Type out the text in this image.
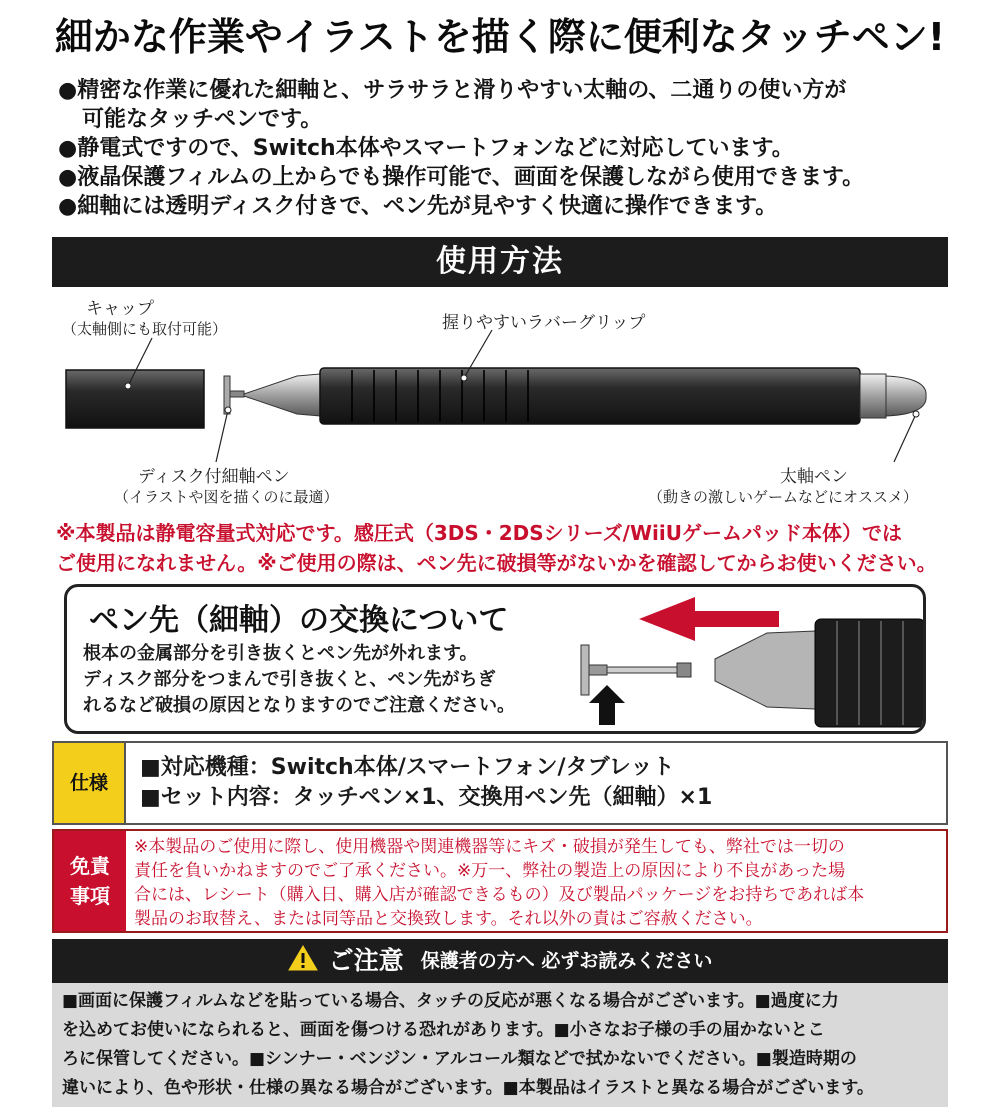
細かな作業やイラストを描く際に便利なタッチペン!
●精密な作業に優れた細軸と、サラサラと滑りやすい太軸の、二通りの使い方が
可能なタッチペンです。
●静電式ですので、Switch本体やスマートフォンなどに対応しています。
●液晶保護フィルムの上からでも操作可能で、画面を保護しながら使用できます。
●細軸には透明ディスク付きで、ペン先が見やすく快適に操作できます。
使用方法
キャップ
（太軸側にも取付可能）	握りやすいラバーグリップ
ディスク付細軸ペン
（イラストや図を描くのに最適）
太軸ペン
（動きの激しいゲームなどにオススメ）
※本製品は静電容量式対応です。感圧式（3DS・2DSシリーズ/WiiUゲームパッド本体）では
ご使用になれません。※ご使用の際は、ペン先に破損等がないかを確認してからお使いください。
ペン先（細軸）の交換について
根本の金属部分を引き抜くとペン先が外れます。
ディスク部分をつまんで引き抜くと、ペン先がちぎ
れるなど破損の原因となりますのでご注意ください。
仕様
■対応機種：Switch本体/スマートフォン/タブレット
■セット内容：タッチペン×1、交換用ペン先（細軸）×1
免責
事項
※本製品のご使用に際し、使用機器や関連機器等にキズ・破損が発生しても、弊社では一切の
責任を負いかねますのでご了承ください。※万一、弊社の製造上の原因により不良があった場
合には、レシート（購入日、購入店が確認できるもの）及び製品パッケージをお持ちであれば本
製品のお取替え、または同等品と交換致します。それ以外の責はご容赦ください。
ご注意 保護者の方へ 必ずお読みください
■画面に保護フィルムなどを貼っている場合、タッチの反応が悪くなる場合がございます。■過度に力
を込めてお使いになられると、画面を傷つける恐れがあります。■小さなお子様の手の届かないとこ
ろに保管してください。■シンナー・ベンジン・アルコール類などで拭かないでください。■製造時期の
違いにより、色や形状・仕様の異なる場合がございます。■本製品はイラストと異なる場合がございます。
